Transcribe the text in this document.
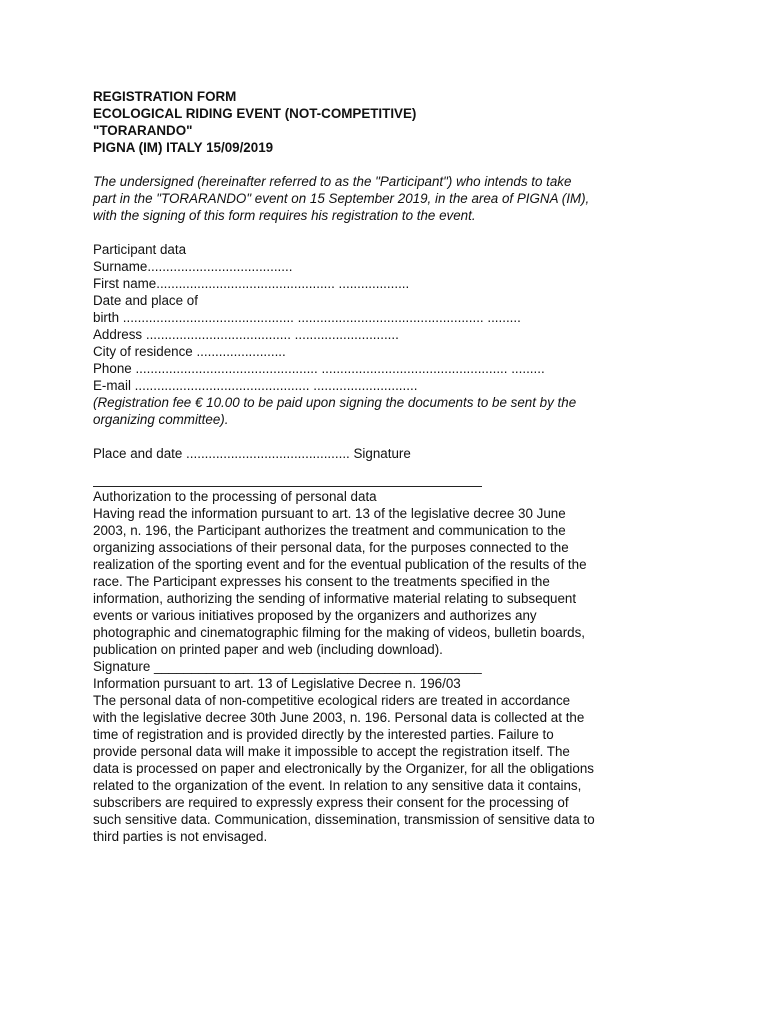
REGISTRATION FORM
ECOLOGICAL RIDING EVENT (NOT-COMPETITIVE)
"TORARANDO"
PIGNA (IM) ITALY 15/09/2019
The undersigned (hereinafter referred to as the "Participant") who intends to take
part in the "TORARANDO" event on 15 September 2019, in the area of PIGNA (IM),
with the signing of this form requires his registration to the event.
Participant data
Surname.......................................
First name................................................ ...................
Date and place of
birth .............................................. .................................................. .........
Address ....................................... ............................
City of residence ........................
Phone ................................................. .................................................. .........
E-mail ............................................... ............................
(Registration fee € 10.00 to be paid upon signing the documents to be sent by the
organizing committee).
Place and date ............................................ Signature
Authorization to the processing of personal data
Having read the information pursuant to art. 13 of the legislative decree 30 June
2003, n. 196, the Participant authorizes the treatment and communication to the
organizing associations of their personal data, for the purposes connected to the
realization of the sporting event and for the eventual publication of the results of the
race. The Participant expresses his consent to the treatments specified in the
information, authorizing the sending of informative material relating to subsequent
events or various initiatives proposed by the organizers and authorizes any
photographic and cinematographic filming for the making of videos, bulletin boards,
publication on printed paper and web (including download).
Signature ____________________________________________
Information pursuant to art. 13 of Legislative Decree n. 196/03
The personal data of non-competitive ecological riders are treated in accordance
with the legislative decree 30th June 2003, n. 196. Personal data is collected at the
time of registration and is provided directly by the interested parties. Failure to
provide personal data will make it impossible to accept the registration itself. The
data is processed on paper and electronically by the Organizer, for all the obligations
related to the organization of the event. In relation to any sensitive data it contains,
subscribers are required to expressly express their consent for the processing of
such sensitive data. Communication, dissemination, transmission of sensitive data to
third parties is not envisaged.
